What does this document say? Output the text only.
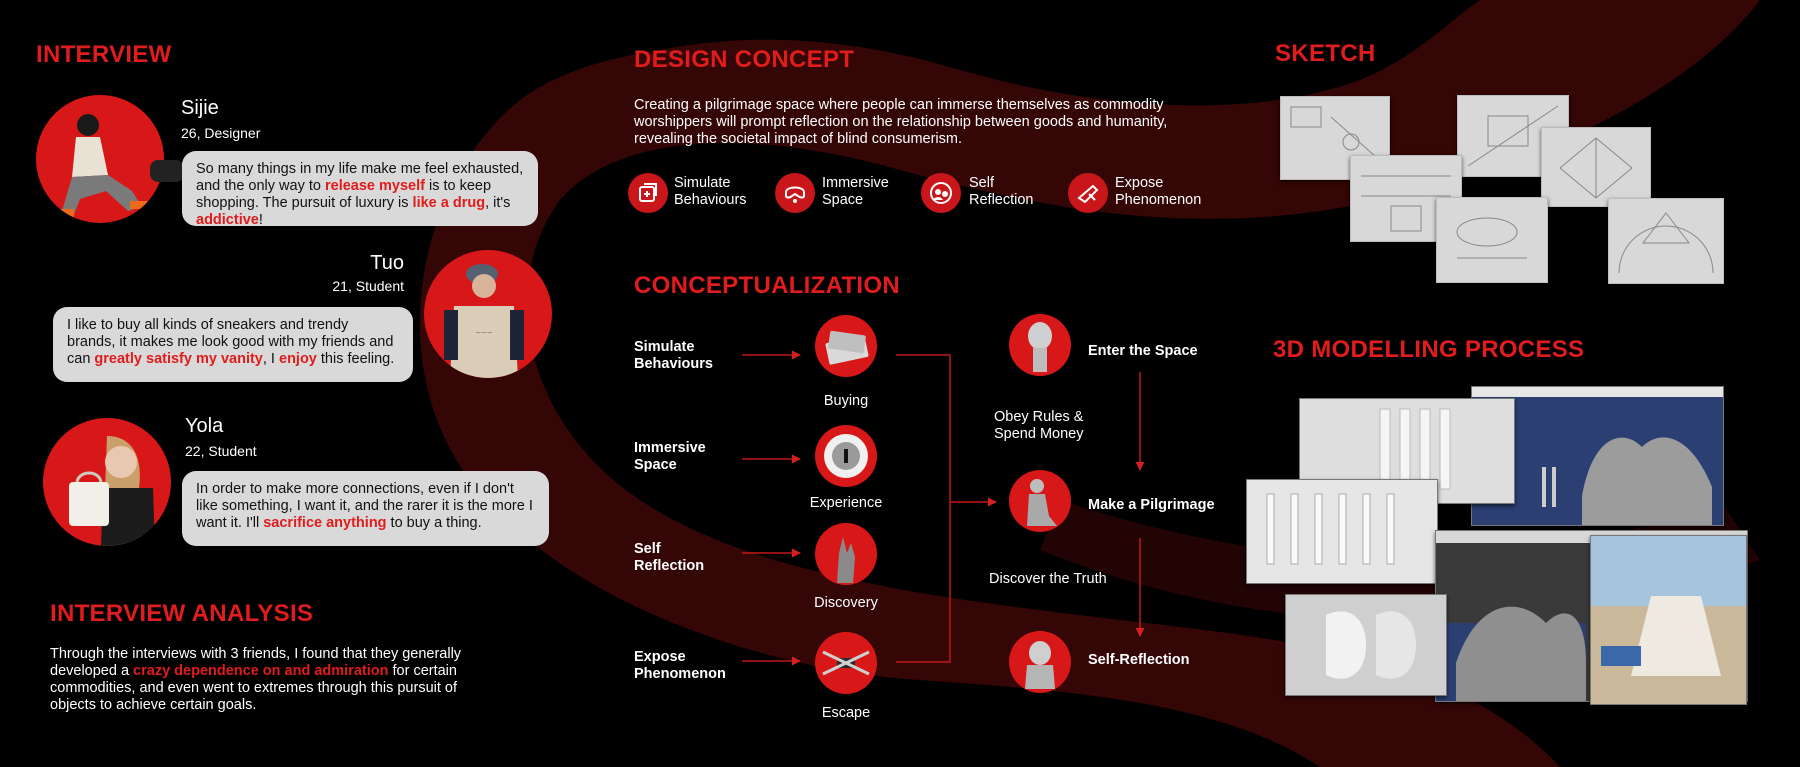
INTERVIEW
Sijie
26, Designer
So many things in my life make me feel exhausted, and the only way to release myself is to keep shopping. The pursuit of luxury is like a drug, it's addictive!
Tuo
21, Student
~~~
I like to buy all kinds of sneakers and trendy brands, it makes me look good with my friends and can greatly satisfy my vanity, I enjoy this feeling.
Yola
22, Student
In order to make more connections, even if I don't like something, I want it, and the rarer it is the more I want it. I'll sacrifice anything to buy a thing.
INTERVIEW ANALYSIS
Through the interviews with 3 friends, I found that they generally developed a crazy dependence on and admiration for certain commodities, and even went to extremes through this pursuit of objects to achieve certain goals.
DESIGN CONCEPT
Creating a pilgrimage space where people can immerse themselves as commodity worshippers will prompt reflection on the relationship between goods and humanity, revealing the societal impact of blind consumerism.
Simulate
Behaviours
Immersive
Space
Self
Reflection
Expose
Phenomenon
CONCEPTUALIZATION
Simulate
Behaviours
Immersive
Space
Self
Reflection
Expose
Phenomenon
Buying
Experience
Discovery
Escape
Enter the Space
Make a Pilgrimage
Self-Reflection
Obey Rules &
Spend Money
Discover the Truth
SKETCH
3D MODELLING PROCESS
